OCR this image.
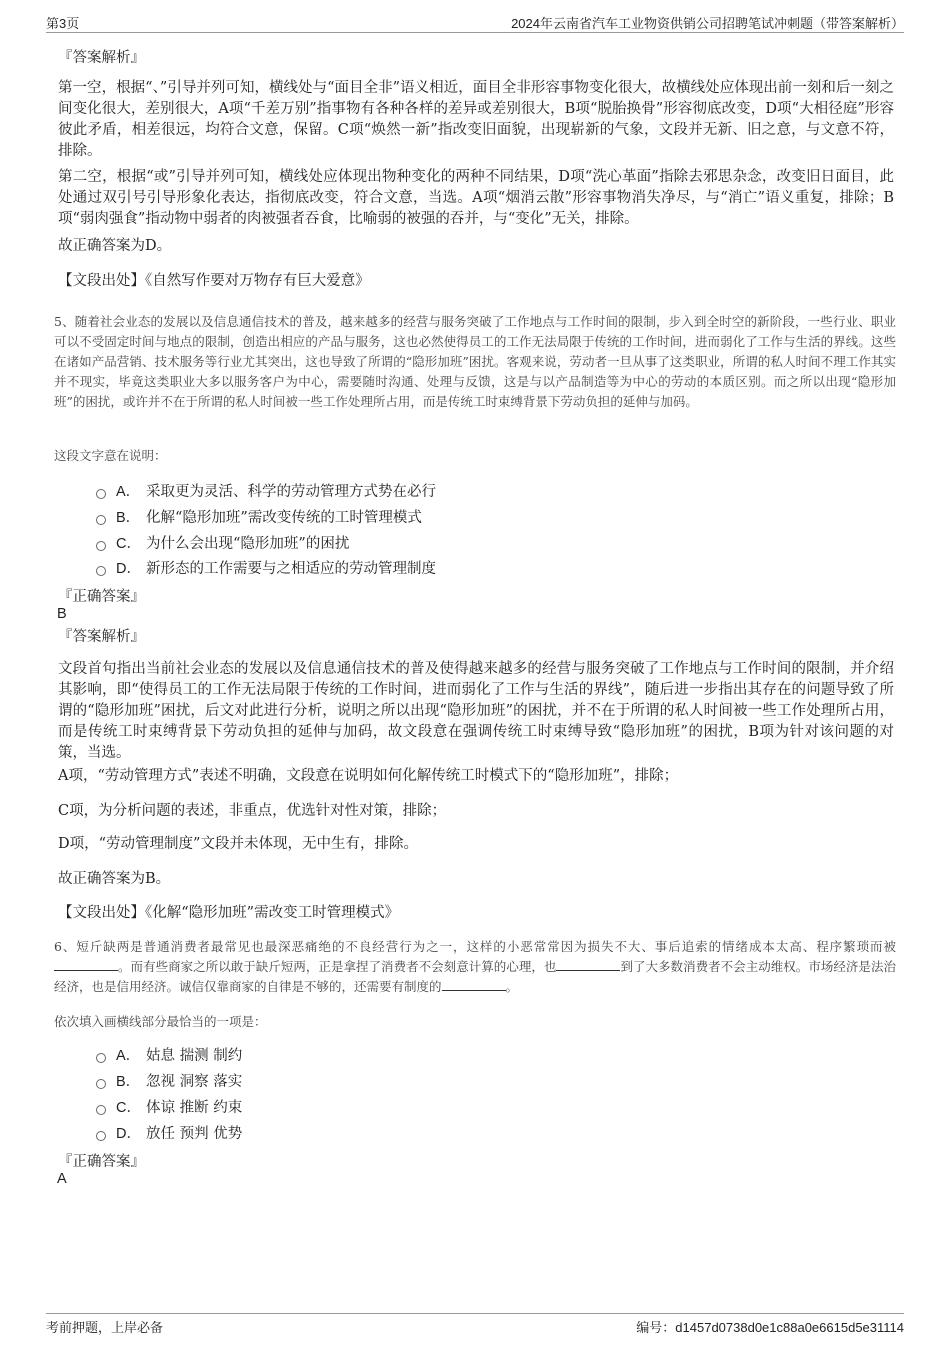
第3页	2024年云南省汽车工业物资供销公司招聘笔试冲刺题（带答案解析）
『答案解析』

第一空，根据“、”引导并列可知，横线处与“面目全非”语义相近，面目全非形容事物变化很大，故横线处应体现出前一刻和后一刻之间变化很大，差别很大，A项“千差万别”指事物有各种各样的差异或差别很大，B项“脱胎换骨”形容彻底改变，D项“大相径庭”形容彼此矛盾，相差很远，均符合文意，保留。C项“焕然一新”指改变旧面貌，出现崭新的气象，文段并无新、旧之意，与文意不符，排除。

第二空，根据“或”引导并列可知，横线处应体现出物种变化的两种不同结果，D项“洗心革面”指除去邪思杂念，改变旧日面目，此处通过双引号引导形象化表达，指彻底改变，符合文意，当选。A项“烟消云散”形容事物消失净尽，与“消亡”语义重复，排除；B项“弱肉强食”指动物中弱者的肉被强者吞食，比喻弱的被强的吞并，与“变化”无关，排除。

故正确答案为D。
【文段出处】《自然写作要对万物存有巨大爱意》

5、随着社会业态的发展以及信息通信技术的普及，越来越多的经营与服务突破了工作地点与工作时间的限制，步入到全时空的新阶段，一些行业、职业可以不受固定时间与地点的限制，创造出相应的产品与服务，这也必然使得员工的工作无法局限于传统的工作时间，进而弱化了工作与生活的界线。这些在诸如产品营销、技术服务等行业尤其突出，这也导致了所谓的“隐形加班”困扰。客观来说，劳动者一旦从事了这类职业，所谓的私人时间不理工作其实并不现实，毕竟这类职业大多以服务客户为中心，需要随时沟通、处理与反馈，这是与以产品制造等为中心的劳动的本质区别。而之所以出现“隐形加班”的困扰，或许并不在于所谓的私人时间被一些工作处理所占用，而是传统工时束缚背景下劳动负担的延伸与加码。

这段文字意在说明：
A． 采取更为灵活、科学的劳动管理方式势在必行
B． 化解“隐形加班”需改变传统的工时管理模式
C． 为什么会出现“隐形加班”的困扰
D． 新形态的工作需要与之相适应的劳动管理制度
『正确答案』
B
『答案解析』

文段首句指出当前社会业态的发展以及信息通信技术的普及使得越来越多的经营与服务突破了工作地点与工作时间的限制，并介绍其影响，即“使得员工的工作无法局限于传统的工作时间，进而弱化了工作与生活的界线”，随后进一步指出其存在的问题导致了所谓的“隐形加班”困扰，后文对此进行分析，说明之所以出现“隐形加班”的困扰，并不在于所谓的私人时间被一些工作处理所占用，而是传统工时束缚背景下劳动负担的延伸与加码，故文段意在强调传统工时束缚导致“隐形加班”的困扰，B项为针对该问题的对策，当选。

A项，“劳动管理方式”表述不明确，文段意在说明如何化解传统工时模式下的“隐形加班”，排除；
C项，为分析问题的表述，非重点，优选针对性对策，排除；
D项，“劳动管理制度”文段并未体现，无中生有，排除。
故正确答案为B。
【文段出处】《化解“隐形加班”需改变工时管理模式》

6、短斤缺两是普通消费者最常见也最深恶痛绝的不良经营行为之一，这样的小恶常常因为损失不大、事后追索的情绪成本太高、程序繁琐而被。而有些商家之所以敢于缺斤短两，正是拿捏了消费者不会刻意计算的心理，也	到了大多数消费者不会主动维权。市场经济是法治经济，也是信用经济。诚信仅靠商家的自律是不够的，还需要有制度的	。

依次填入画横线部分最恰当的一项是：
A． 姑息 揣测 制约
B． 忽视 洞察 落实
C． 体谅 推断 约束
D． 放任 预判 优势
『正确答案』
A
考前押题，上岸必备	编号：d1457d0738d0e1c88a0e6615d5e31114
